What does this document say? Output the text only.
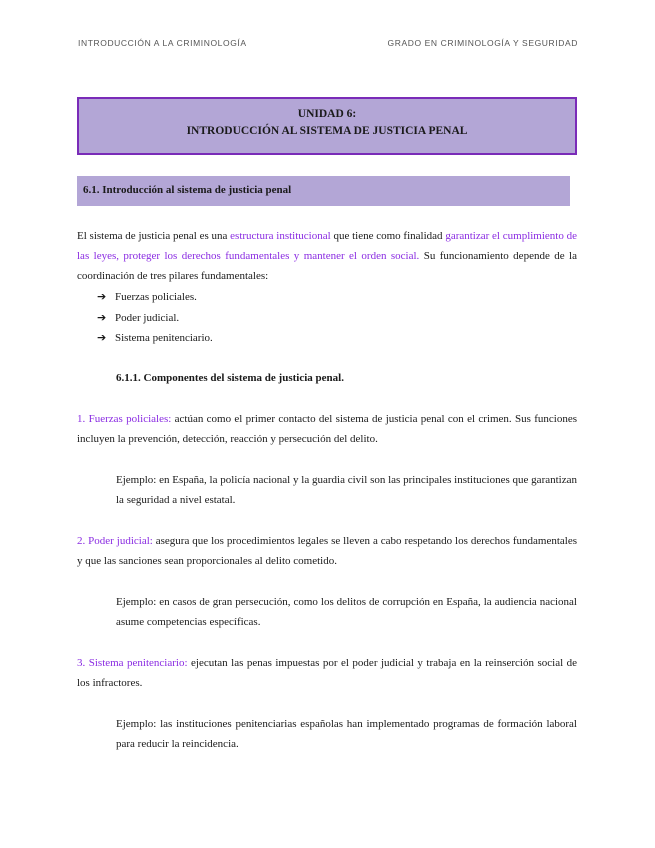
INTRODUCCIÓN A LA CRIMINOLOGÍA	GRADO EN CRIMINOLOGÍA Y SEGURIDAD
UNIDAD 6:
INTRODUCCIÓN AL SISTEMA DE JUSTICIA PENAL
6.1. Introducción al sistema de justicia penal
El sistema de justicia penal es una estructura institucional que tiene como finalidad garantizar el cumplimiento de las leyes, proteger los derechos fundamentales y mantener el orden social. Su funcionamiento depende de la coordinación de tres pilares fundamentales:
➔ Fuerzas policiales.
➔ Poder judicial.
➔ Sistema penitenciario.
6.1.1. Componentes del sistema de justicia penal.
1. Fuerzas policiales: actúan como el primer contacto del sistema de justicia penal con el crimen. Sus funciones incluyen la prevención, detección, reacción y persecución del delito.
Ejemplo: en España, la policía nacional y la guardia civil son las principales instituciones que garantizan la seguridad a nivel estatal.
2. Poder judicial: asegura que los procedimientos legales se lleven a cabo respetando los derechos fundamentales y que las sanciones sean proporcionales al delito cometido.
Ejemplo: en casos de gran persecución, como los delitos de corrupción en España, la audiencia nacional asume competencias específicas.
3. Sistema penitenciario: ejecutan las penas impuestas por el poder judicial y trabaja en la reinserción social de los infractores.
Ejemplo: las instituciones penitenciarias españolas han implementado programas de formación laboral para reducir la reincidencia.
